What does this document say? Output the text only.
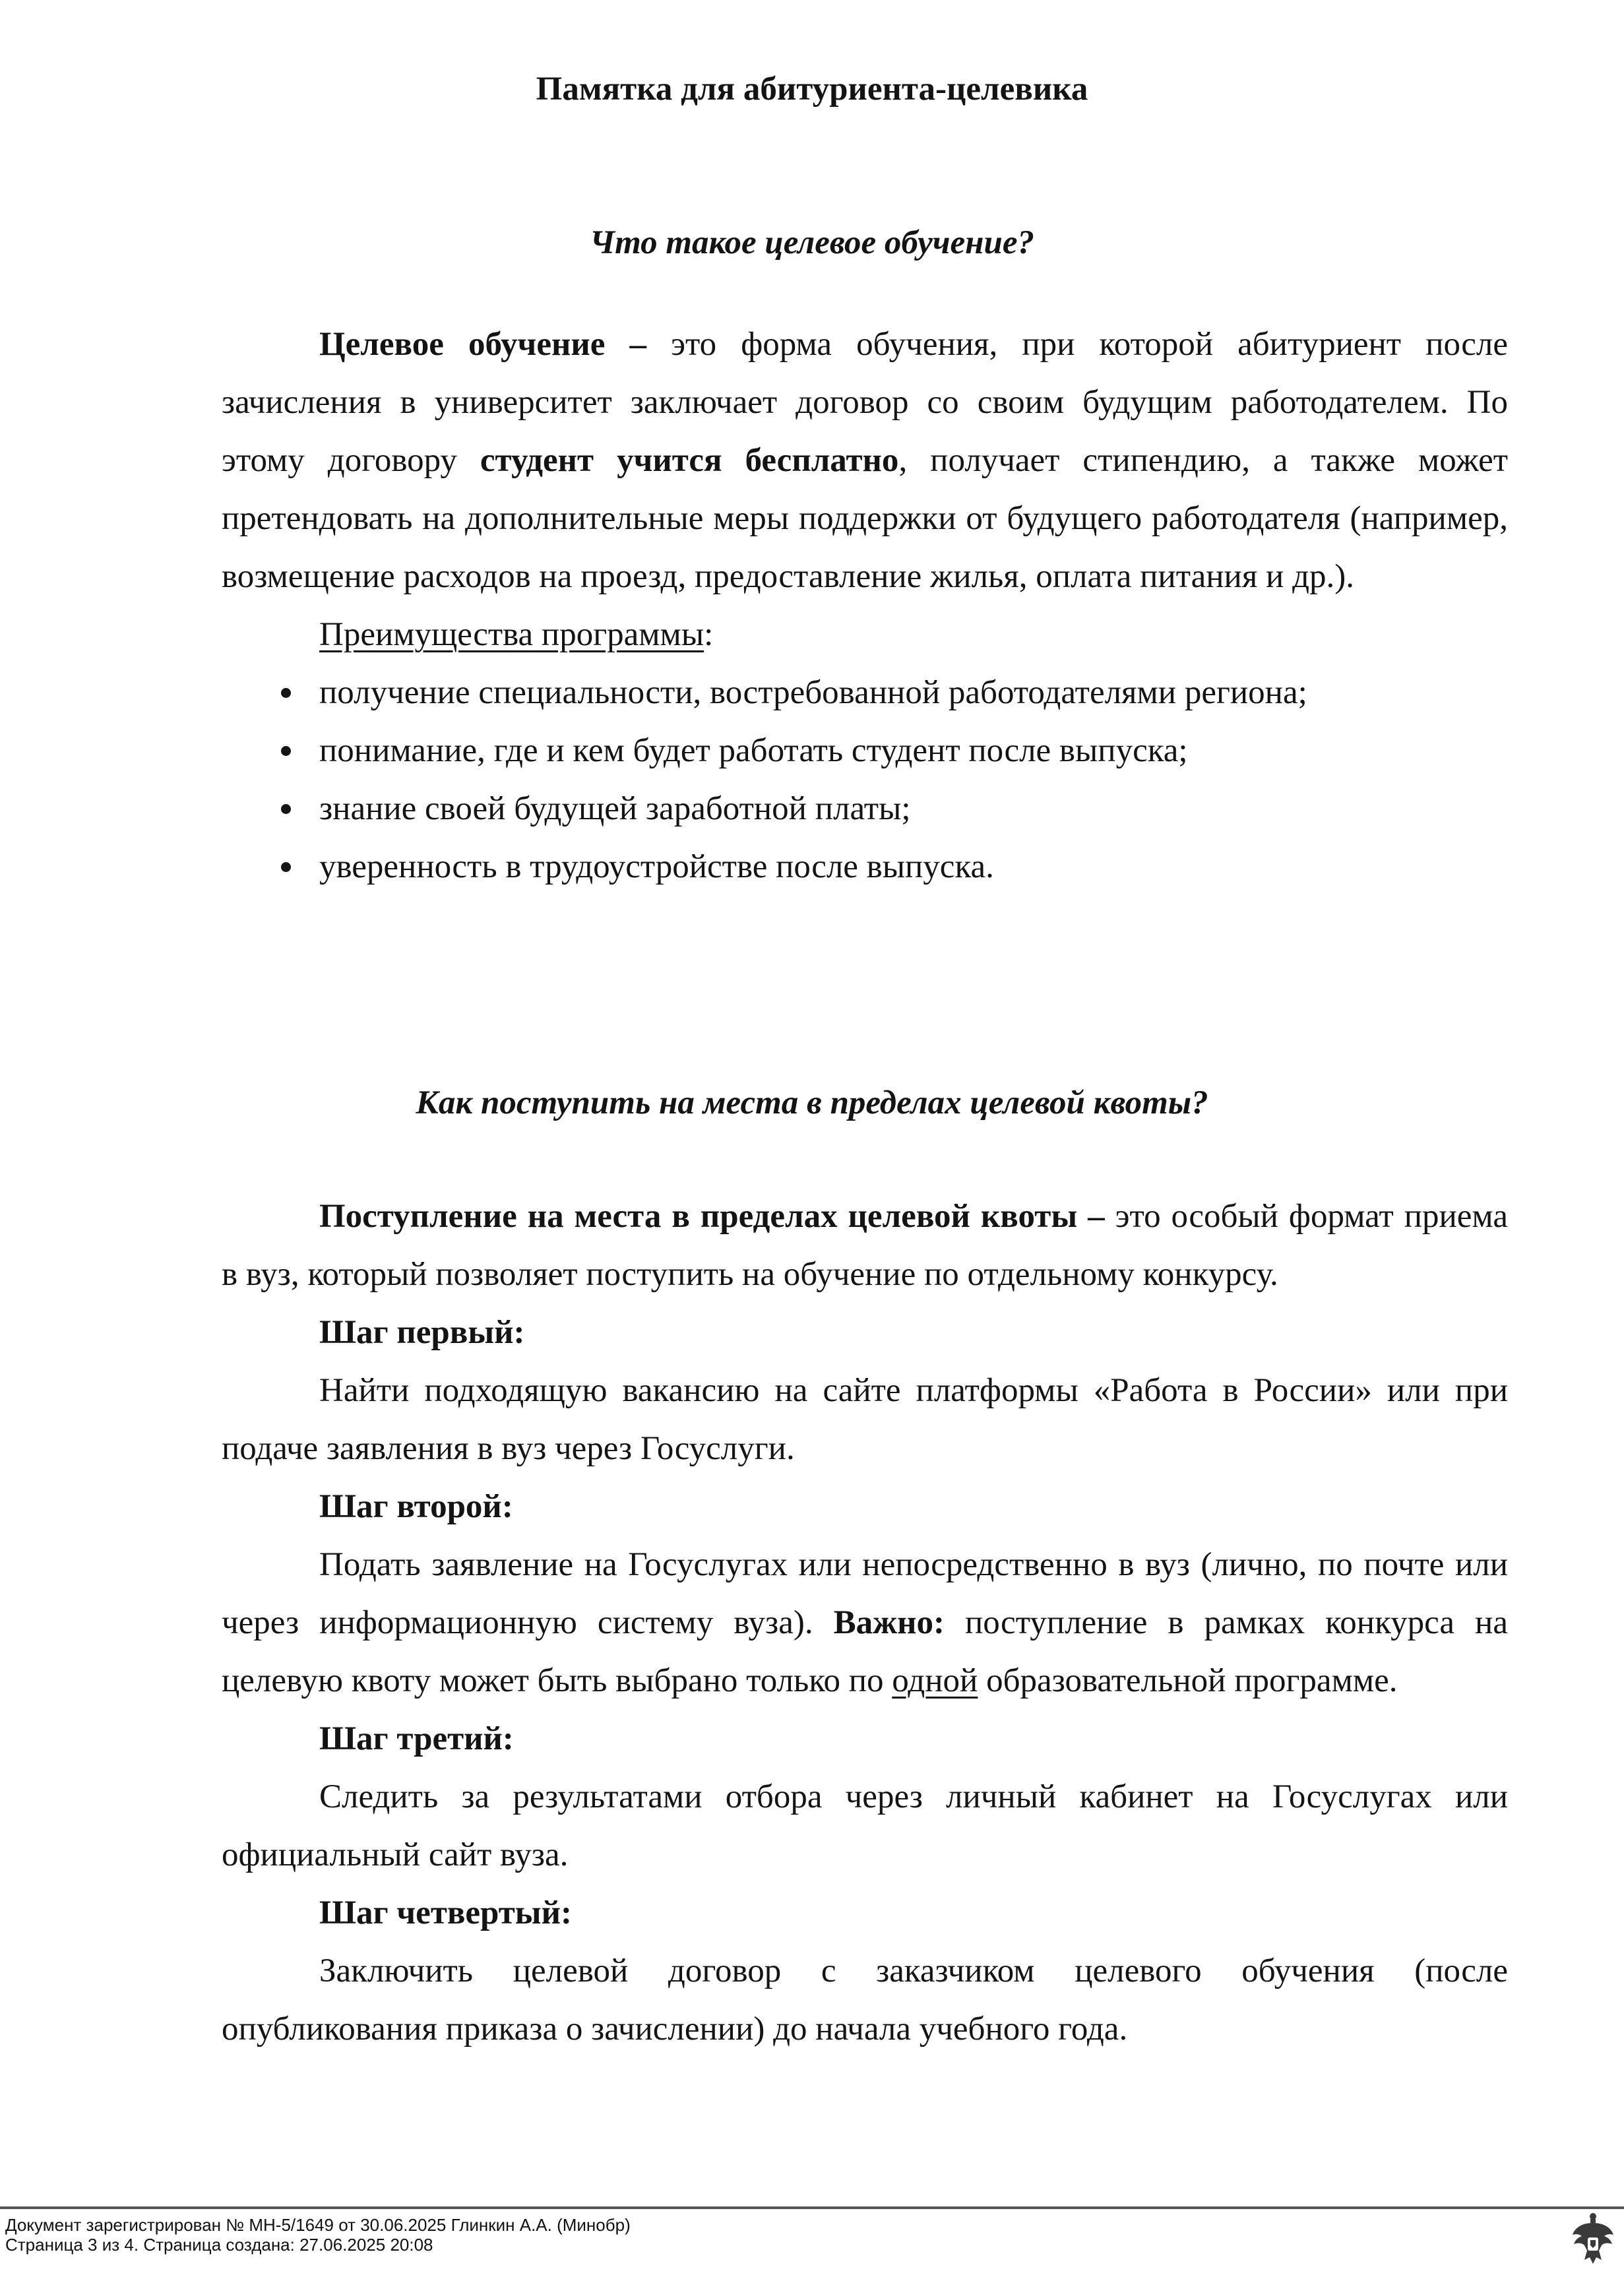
Памятка для абитуриента-целевика
Что такое целевое обучение?

Целевое обучение – это форма обучения, при которой абитуриент после зачисления в университет заключает договор со своим будущим работодателем. По этому договору студент учится бесплатно, получает стипендию, а также может претендовать на дополнительные меры поддержки от будущего работодателя (например, возмещение расходов на проезд, предоставление жилья, оплата питания и др.).

Преимущества программы:

получение специальности, востребованной работодателями региона;
понимание, где и кем будет работать студент после выпуска;
знание своей будущей заработной платы;
уверенность в трудоустройстве после выпуска.
Как поступить на места в пределах целевой квоты?

Поступление на места в пределах целевой квоты – это особый формат приема в вуз, который позволяет поступить на обучение по отдельному конкурсу.

Шаг первый:

Найти подходящую вакансию на сайте платформы «Работа в России» или при подаче заявления в вуз через Госуслуги.

Шаг второй:

Подать заявление на Госуслугах или непосредственно в вуз (лично, по почте или через информационную систему вуза). Важно: поступление в рамках конкурса на целевую квоту может быть выбрано только по одной образовательной программе.

Шаг третий:

Следить за результатами отбора через личный кабинет на Госуслугах или официальный сайт вуза.

Шаг четвертый:

Заключить целевой договор с заказчиком целевого обучения (после опубликования приказа о зачислении) до начала учебного года.

Документ зарегистрирован № МН-5/1649 от 30.06.2025 Глинкин А.А. (Минобр)
Страница 3 из 4. Страница создана: 27.06.2025 20:08
